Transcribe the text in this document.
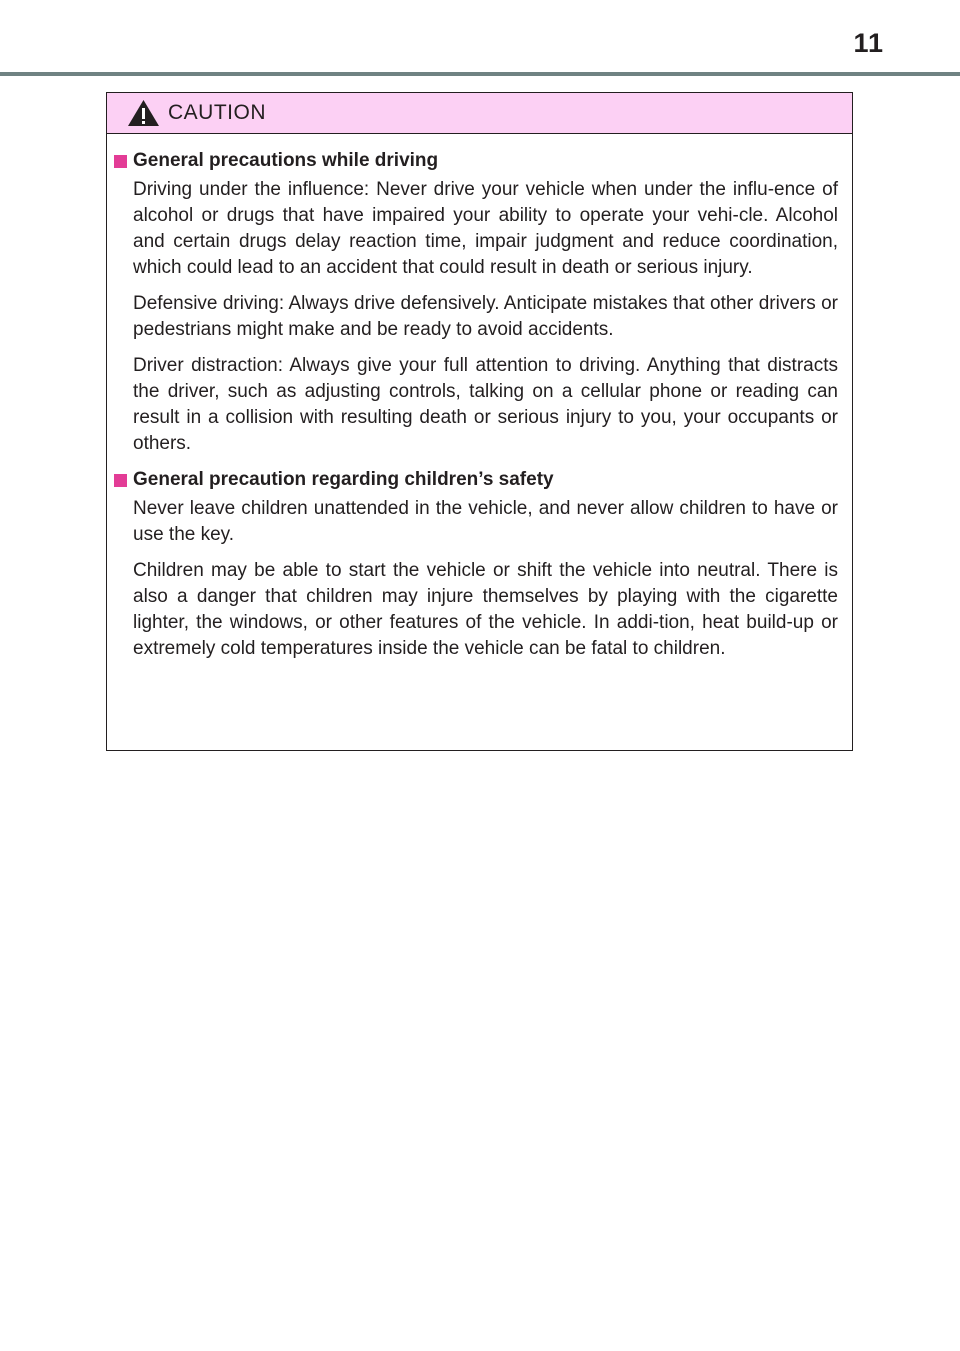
11
CAUTION

General precautions while driving

Driving under the influence: Never drive your vehicle when under the influ-ence of alcohol or drugs that have impaired your ability to operate your vehi-cle. Alcohol and certain drugs delay reaction time, impair judgment and reduce coordination, which could lead to an accident that could result in death or serious injury.

Defensive driving: Always drive defensively. Anticipate mistakes that other drivers or pedestrians might make and be ready to avoid accidents.

Driver distraction: Always give your full attention to driving. Anything that distracts the driver, such as adjusting controls, talking on a cellular phone or reading can result in a collision with resulting death or serious injury to you, your occupants or others.

General precaution regarding children’s safety

Never leave children unattended in the vehicle, and never allow children to have or use the key.

Children may be able to start the vehicle or shift the vehicle into neutral. There is also a danger that children may injure themselves by playing with the cigarette lighter, the windows, or other features of the vehicle. In addi-tion, heat build-up or extremely cold temperatures inside the vehicle can be fatal to children.
